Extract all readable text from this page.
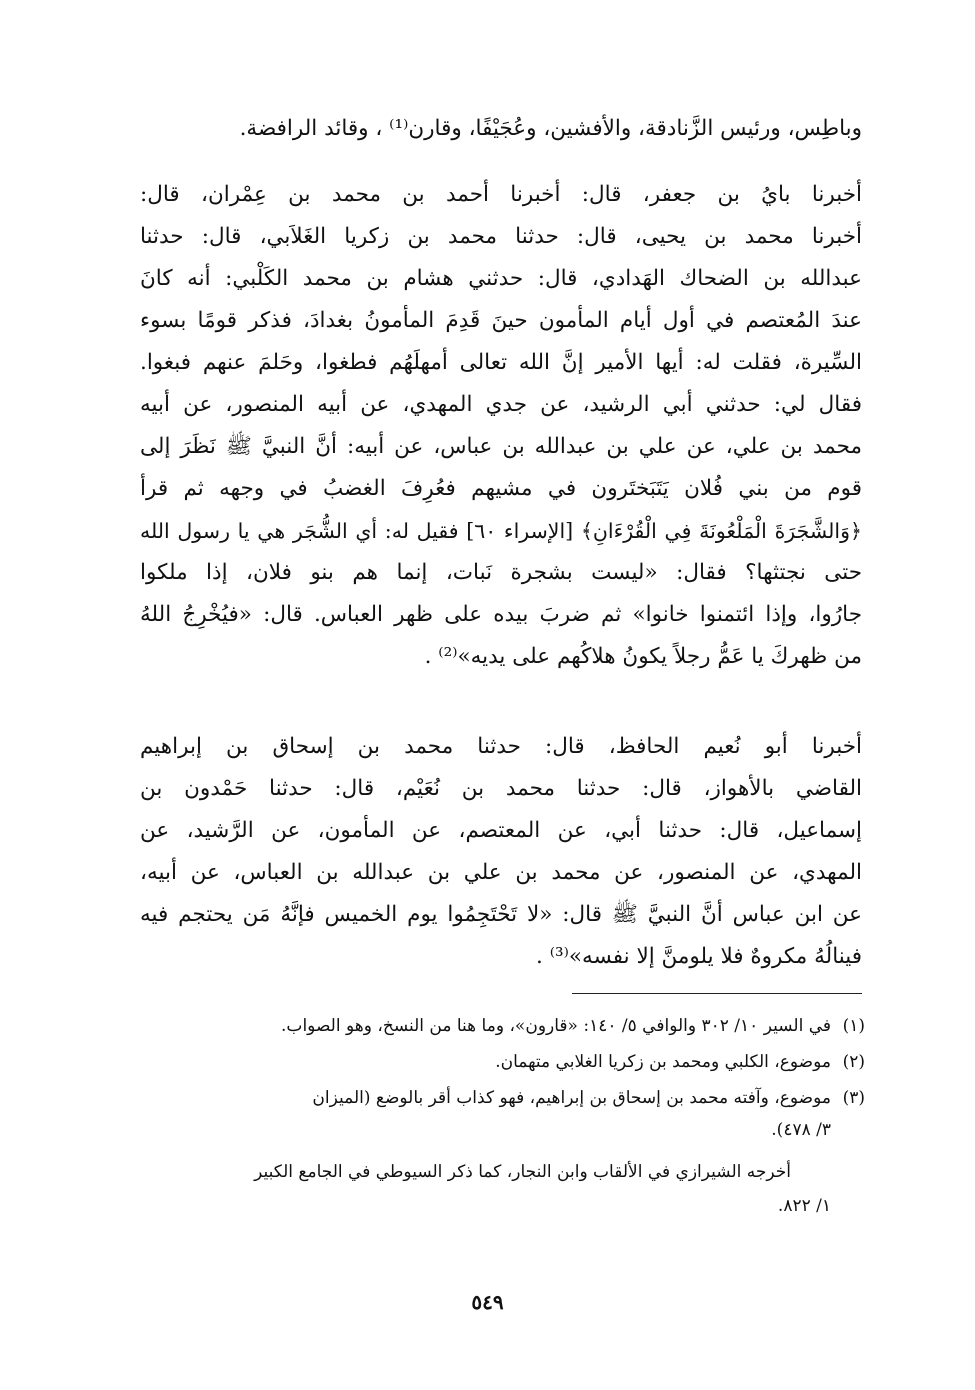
وباطِس، ورئيس الزَّنادقة، والأفشين، وعُجَيْفًا، وقارن⁽¹⁾ ، وقائد الرافضة.
أخبرنا بايُ بن جعفر، قال: أخبرنا أحمد بن محمد بن عِمْران، قال:
أخبرنا محمد بن يحيى، قال: حدثنا محمد بن زكريا الغَلاَبي، قال: حدثنا
عبدالله بن الضحاك الهَدادي، قال: حدثني هشام بن محمد الكَلْبي: أنه كانَ
عندَ المُعتصم في أول أيام المأمون حينَ قَدِمَ المأمونُ بغدادَ، فذكر قومًا بسوء
السِّيرة، فقلت له: أيها الأمير إنَّ الله تعالى أمهلَهُم فطغوا، وحَلمَ عنهم فبغوا.
فقال لي: حدثني أبي الرشيد، عن جدي المهدي، عن أبيه المنصور، عن أبيه
محمد بن علي، عن علي بن عبدالله بن عباس، عن أبيه: أنَّ النبيَّ ﷺ نَظَرَ إلى
قوم من بني فُلان يَتَبَختَرون في مشيهم فعُرِفَ الغضبُ في وجهه ثم قرأ
﴿وَالشَّجَرَةَ الْمَلْعُونَةَ فِي الْقُرْءَانِ﴾ [الإسراء ٦٠] فقيل له: أي الشُّجَر هي يا رسول الله
حتى نجتثها؟ فقال: «ليست بشجرة نَبات، إنما هم بنو فلان، إذا ملكوا
جارُوا، وإذا ائتمنوا خانوا» ثم ضربَ بيده على ظهر العباس. قال: «فيُخْرِجُ اللهُ
من ظهركَ يا عَمُّ رجلاً يكونُ هلاكُهم على يديه»⁽²⁾ .
أخبرنا أبو نُعيم الحافظ، قال: حدثنا محمد بن إسحاق بن إبراهيم
القاضي بالأهواز، قال: حدثنا محمد بن نُعَيْم، قال: حدثنا حَمْدون بن
إسماعيل، قال: حدثنا أبي، عن المعتصم، عن المأمون، عن الرَّشيد، عن
المهدي، عن المنصور، عن محمد بن علي بن عبدالله بن العباس، عن أبيه،
عن ابن عباس أنَّ النبيَّ ﷺ قال: «لا تَحْتَجِمُوا يوم الخميس فإنَّهُ مَن يحتجم فيه
فينالُهُ مكروهٌ فلا يلومنَّ إلا نفسه»⁽³⁾ .
(١)في السير ١٠/ ٣٠٢ والوافي ٥/ ١٤٠: «قارون»، وما هنا من النسخ، وهو الصواب.
(٢)موضوع، الكلبي ومحمد بن زكريا الغلابي متهمان.
(٣)موضوع، وآفته محمد بن إسحاق بن إبراهيم، فهو كذاب أقر بالوضع (الميزان
٣/ ٤٧٨).
أخرجه الشيرازي في الألقاب وابن النجار، كما ذكر السيوطي في الجامع الكبير
١/ ٨٢٢.
٥٤٩
